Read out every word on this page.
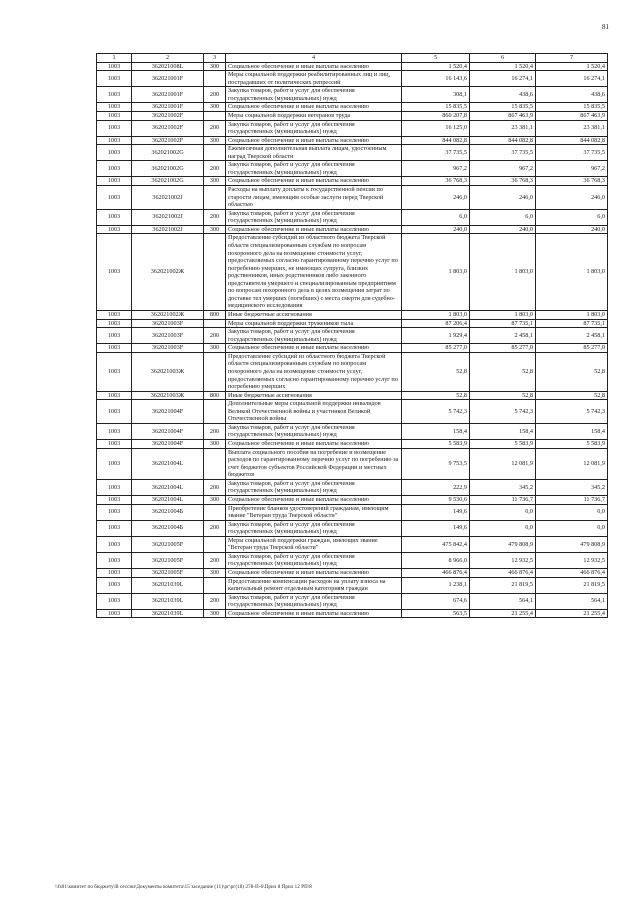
81
1	2	3	4	5	6	7
1003	362021008L	300	Социальное обеспечение и иные выплаты населению	1 520,4	1 520,4	1 520,4
1003	362021001F		Меры социальной поддержки реабилитированных лиц и лиц, пострадавших от политических репрессий	16 143,6	16 274,1	16 274,1
1003	362021001F	200	Закупка товаров, работ и услуг для обеспечения государственных (муниципальных) нужд	308,1	438,6	438,6
1003	362021001F	300	Социальное обеспечение и иные выплаты населению	15 835,5	15 835,5	15 835,5
1003	362021002F		Меры социальной поддержки ветеранов труда	860 207,8	867 463,9	867 463,9
1003	362021002F	200	Закупка товаров, работ и услуг для обеспечения государственных (муниципальных) нужд	16 125,0	23 381,1	23 381,1
1003	362021002F	300	Социальное обеспечение и иные выплаты населению	844 082,8	844 082,8	844 082,8
1003	362021002G		Ежемесячная дополнительная выплата лицам, удостоенным наград Тверской области	37 735,5	37 735,5	37 735,5
1003	362021002G	200	Закупка товаров, работ и услуг для обеспечения государственных (муниципальных) нужд	967,2	967,2	967,2
1003	362021002G	300	Социальное обеспечение и иные выплаты населению	36 768,3	36 768,3	36 768,3
1003	362021002J		Расходы на выплату доплаты к государственной пенсии по старости лицам, имеющим особые заслуги перед Тверской областью	246,0	246,0	246,0
1003	362021002J	200	Закупка товаров, работ и услуг для обеспечения государственных (муниципальных) нужд	6,0	6,0	6,0
1003	362021002J	300	Социальное обеспечение и иные выплаты населению	240,0	240,0	240,0
1003	362021002Ж		Предоставление субсидий из областного бюджета Тверской области специализированным службам по вопросам похоронного дела на возмещение стоимости услуг, предоставляемых согласно гарантированному перечню услуг по погребению умерших, не имеющих супруга, близких родственников, иных родственников либо законного представителя умершего и специализированным предприятиям по вопросам похоронного дела в целях возмещения затрат по доставке тел умерших (погибших) с места смерти для судебно-медицинского исследования	1 803,0	1 803,0	1 803,0
1003	362021002Ж	800	Иные бюджетные ассигнования	1 803,0	1 803,0	1 803,0
1003	362021003F		Меры социальной поддержки тружеников тыла	87 206,4	87 735,1	87 735,1
1003	362021003F	200	Закупка товаров, работ и услуг для обеспечения государственных (муниципальных) нужд	1 929,4	2 458,1	2 458,1
1003	362021003F	300	Социальное обеспечение и иные выплаты населению	85 277,0	85 277,0	85 277,0
1003	362021003Ж		Предоставление субсидий из областного бюджета Тверской области специализированным службам по вопросам похоронного дела на возмещение стоимости услуг, предоставляемых согласно гарантированному перечню услуг по погребению умерших	52,8	52,8	52,8
1003	362021003Ж	800	Иные бюджетные ассигнования	52,8	52,8	52,8
1003	362021004F		Дополнительные меры социальной поддержки инвалидов Великой Отечественной войны и участников Великой Отечественной войны	5 742,3	5 742,3	5 742,3
1003	362021004F	200	Закупка товаров, работ и услуг для обеспечения государственных (муниципальных) нужд	158,4	158,4	158,4
1003	362021004F	300	Социальное обеспечение и иные выплаты населению	5 583,9	5 583,9	5 583,9
1003	362021004L		Выплата социального пособия на погребение и возмещение расходов по гарантированному перечню услуг по погребению за счет бюджетов субъектов Российской Федерации и местных бюджетов	9 753,5	12 081,9	12 081,9
1003	362021004L	200	Закупка товаров, работ и услуг для обеспечения государственных (муниципальных) нужд	222,9	345,2	345,2
1003	362021004L	300	Социальное обеспечение и иные выплаты населению	9 530,6	11 736,7	11 736,7
1003	362021004Б		Приобретение бланков удостоверений гражданам, имеющим звание "Ветеран труда Тверской области"	149,6	0,0	0,0
1003	362021004Б	200	Закупка товаров, работ и услуг для обеспечения государственных (муниципальных) нужд	149,6	0,0	0,0
1003	362021005F		Меры социальной поддержки граждан, имеющих звание "Ветеран труда Тверской области"	475 842,4	479 808,9	479 808,9
1003	362021005F	200	Закупка товаров, работ и услуг для обеспечения государственных (муниципальных) нужд	8 966,0	12 932,5	12 932,5
1003	362021005F	300	Социальное обеспечение и иные выплаты населению	466 876,4	466 876,4	466 876,4
1003	362021039L		Предоставление компенсации расходов на уплату взноса на капитальный ремонт отдельным категориям граждан	1 238,1	21 819,5	21 819,5
1003	362021039L	200	Закупка товаров, работ и услуг для обеспечения государственных (муниципальных) нужд	674,6	564,1	564,1
1003	362021039L	300	Социальное обеспечение и иные выплаты населению	563,5	21 255,4	21 255,4
\\fs01\комитет по бюджету\В сессии\Документы комитета\15 заседание (11)\рг\рг(18) 278-П-6\Прил 8 Прил 12 РП\8
